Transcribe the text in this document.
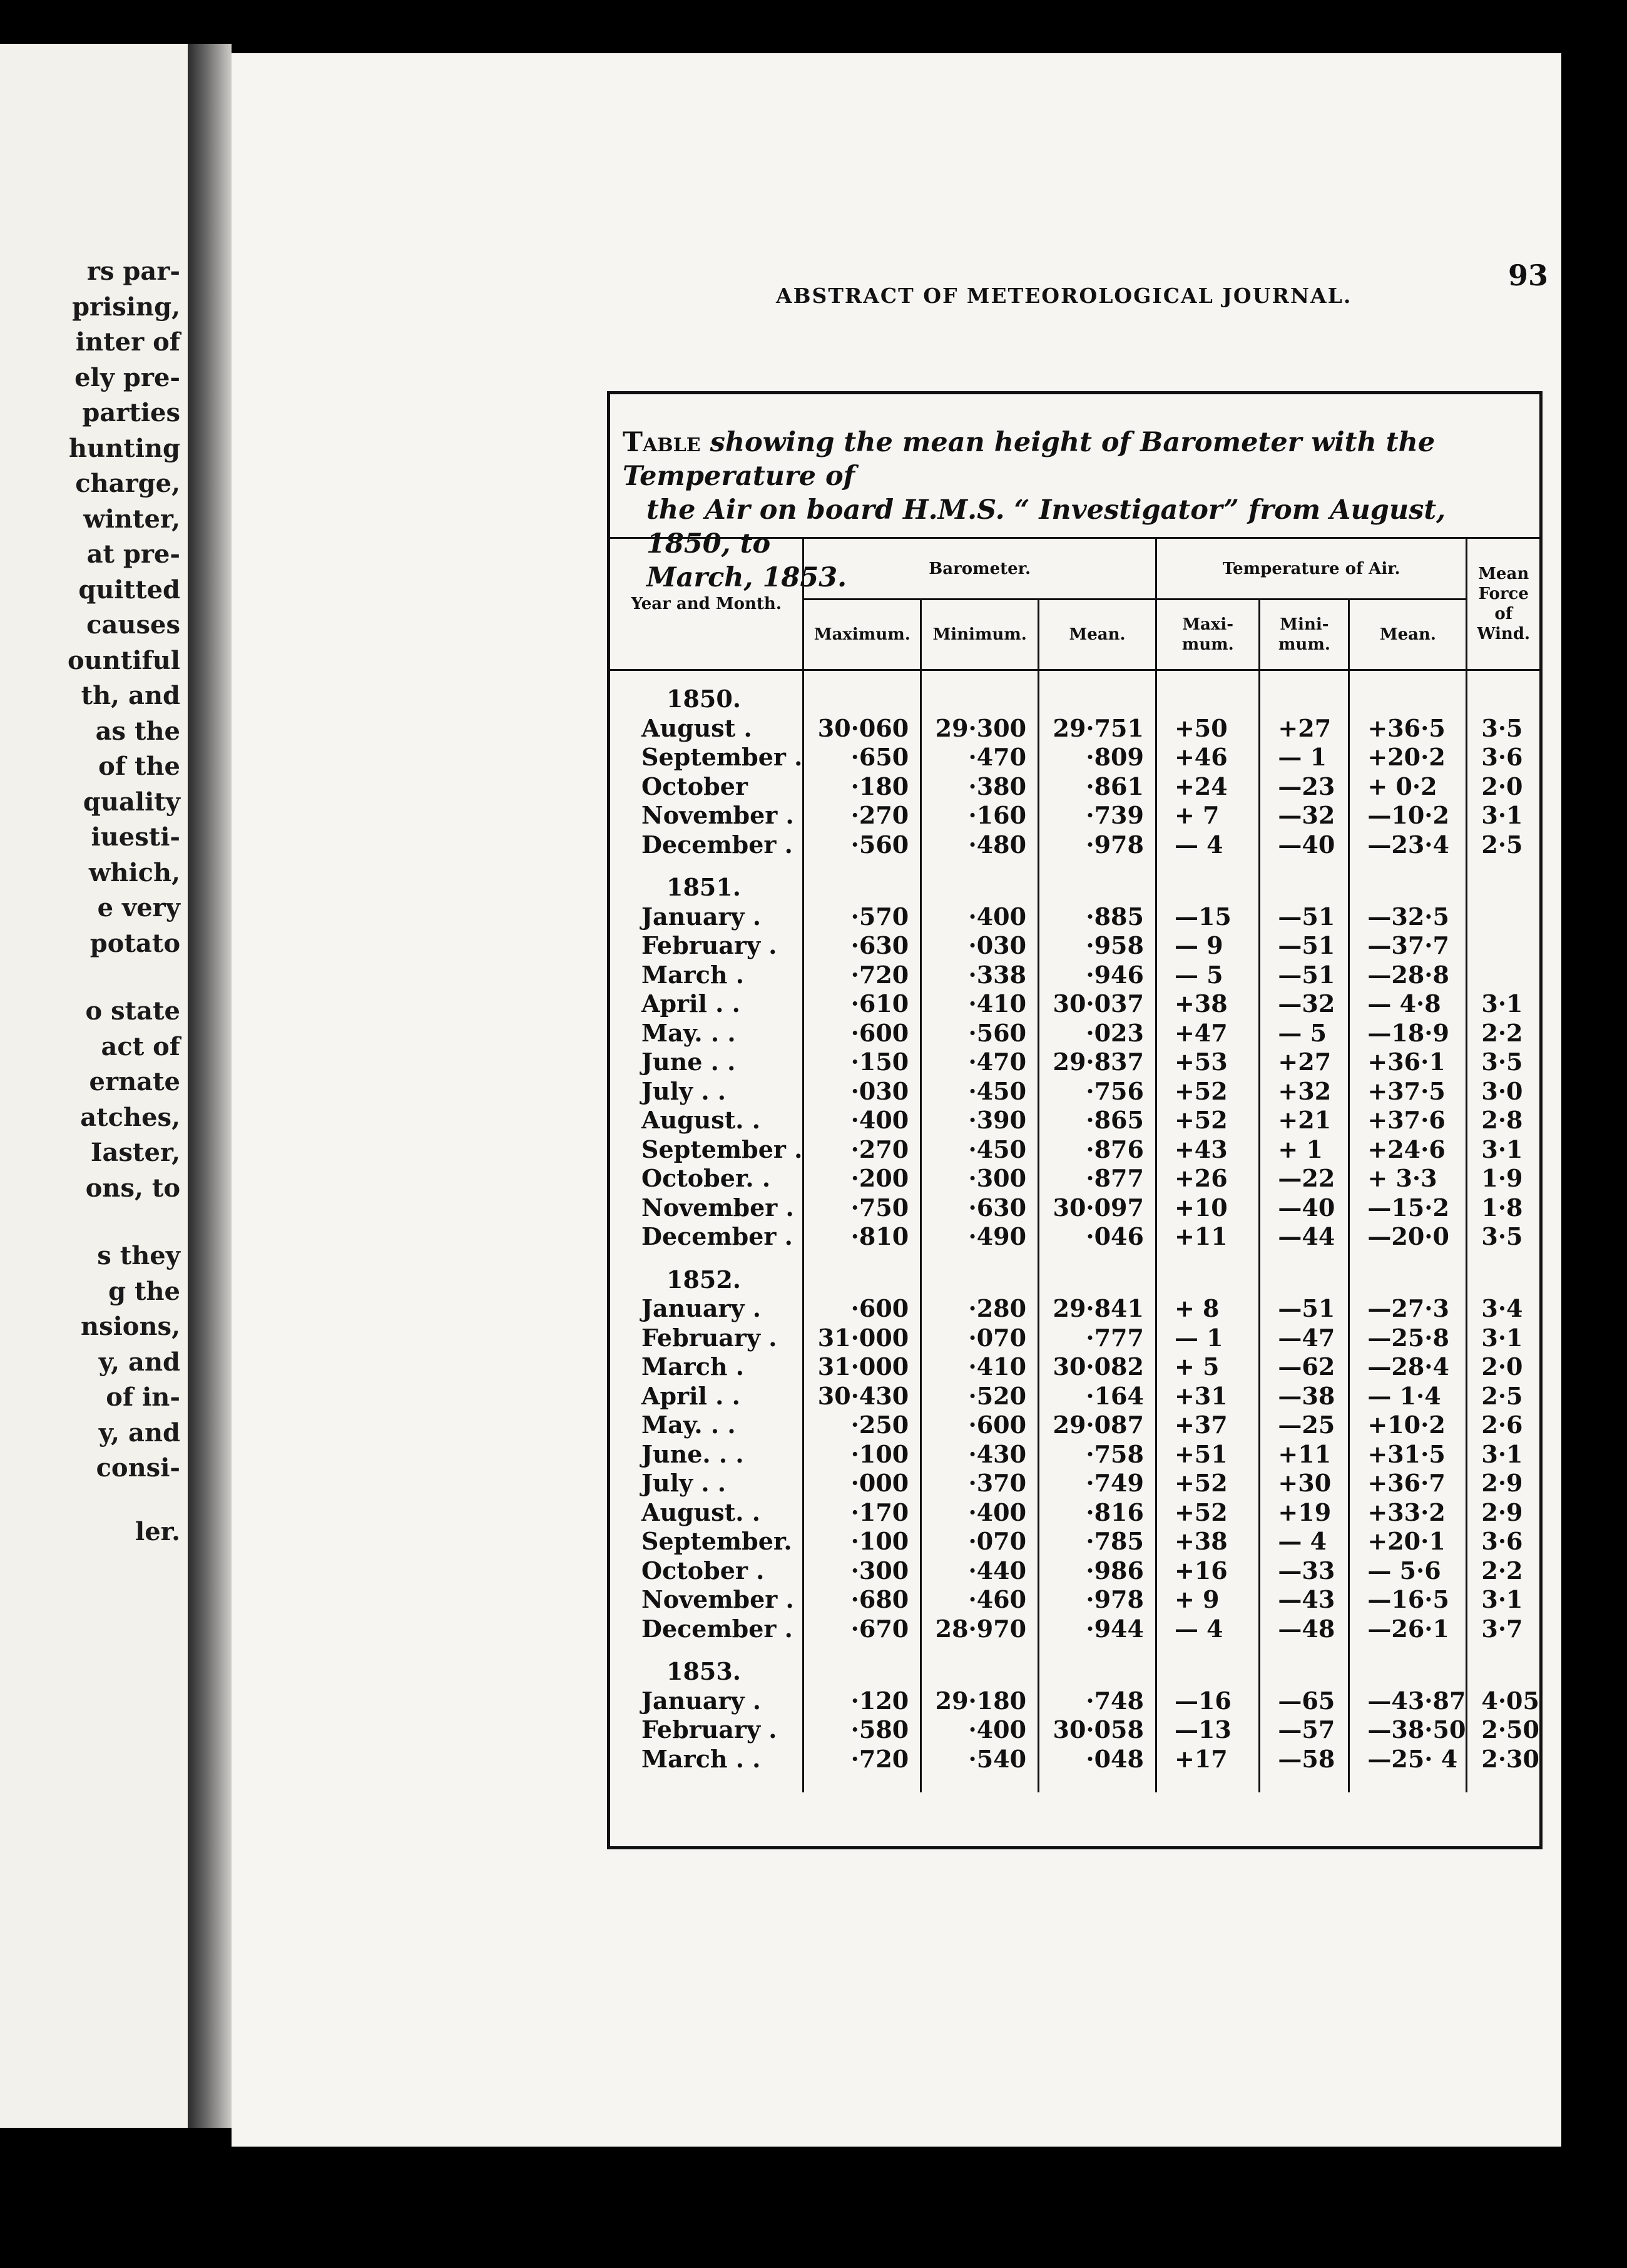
rs par-
prising,
inter of
ely pre-
parties
hunting
charge,
winter,
at pre-
quitted
causes
ountiful
th, and
as the
of the
quality
iuesti-
which,
e very
potato
o state
act of
ernate
atches,
Iaster,
ons, to
s they
g the
nsions,
y, and
of in-
y, and
consi-
ler.
ABSTRACT OF METEOROLOGICAL JOURNAL.
93
Table showing the mean height of Barometer with the Temperature of
the Air on board H.M.S. “ Investigator” from August, 1850, to
March, 1853.
Year and Month.	Barometer.			Temperature of Air.			Mean Force of Wind.
	Maximum.	Minimum.	Mean.	Maxi- mum.	Mini- mum.	Mean.	
1850.							
August .	30·060	29·300	29·751	+50	+27	+36·5	3·5
September .	·650	·470	·809	+46	— 1	+20·2	3·6
October	·180	·380	·861	+24	—23	+ 0·2	2·0
November .	·270	·160	·739	+ 7	—32	—10·2	3·1
December .	·560	·480	·978	— 4	—40	—23·4	2·5
1851.							
January .	·570	·400	·885	—15	—51	—32·5	
February .	·630	·030	·958	— 9	—51	—37·7	
March .	·720	·338	·946	— 5	—51	—28·8	
April . .	·610	·410	30·037	+38	—32	— 4·8	3·1
May. . .	·600	·560	·023	+47	— 5	—18·9	2·2
June . .	·150	·470	29·837	+53	+27	+36·1	3·5
July . .	·030	·450	·756	+52	+32	+37·5	3·0
August. .	·400	·390	·865	+52	+21	+37·6	2·8
September .	·270	·450	·876	+43	+ 1	+24·6	3·1
October. .	·200	·300	·877	+26	—22	+ 3·3	1·9
November .	·750	·630	30·097	+10	—40	—15·2	1·8
December .	·810	·490	·046	+11	—44	—20·0	3·5
1852.							
January .	·600	·280	29·841	+ 8	—51	—27·3	3·4
February .	31·000	·070	·777	— 1	—47	—25·8	3·1
March .	31·000	·410	30·082	+ 5	—62	—28·4	2·0
April . .	30·430	·520	·164	+31	—38	— 1·4	2·5
May. . .	·250	·600	29·087	+37	—25	+10·2	2·6
June. . .	·100	·430	·758	+51	+11	+31·5	3·1
July . .	·000	·370	·749	+52	+30	+36·7	2·9
August. .	·170	·400	·816	+52	+19	+33·2	2·9
September.	·100	·070	·785	+38	— 4	+20·1	3·6
October .	·300	·440	·986	+16	—33	— 5·6	2·2
November .	·680	·460	·978	+ 9	—43	—16·5	3·1
December .	·670	28·970	·944	— 4	—48	—26·1	3·7
1853.							
January .	·120	29·180	·748	—16	—65	—43·87	4·05
February .	·580	·400	30·058	—13	—57	—38·50	2·50
March . .	·720	·540	·048	+17	—58	—25· 4	2·30
